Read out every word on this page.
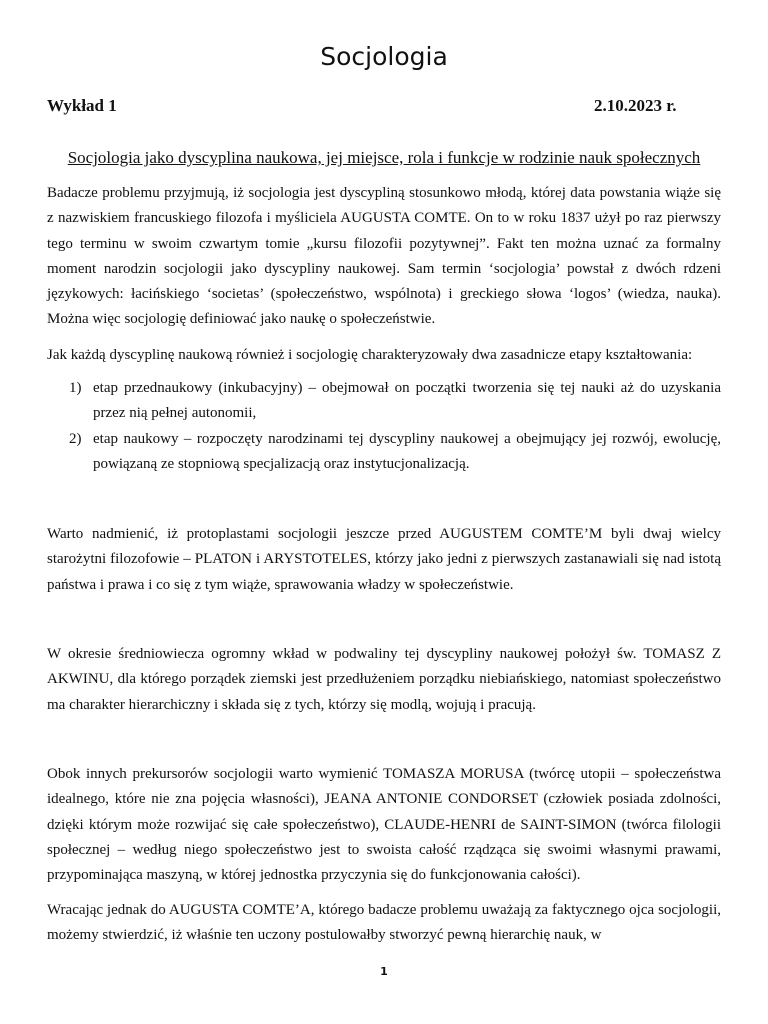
Socjologia
Wykład 1	2.10.2023 r.
Socjologia jako dyscyplina naukowa, jej miejsce, rola i funkcje w rodzinie nauk społecznych

Badacze problemu przyjmują, iż socjologia jest dyscypliną stosunkowo młodą, której data powstania wiąże się z nazwiskiem francuskiego filozofa i myśliciela AUGUSTA COMTE. On to w roku 1837 użył po raz pierwszy tego terminu w swoim czwartym tomie „kursu filozofii pozytywnej”. Fakt ten można uznać za formalny moment narodzin socjologii jako dyscypliny naukowej. Sam termin ‘socjologia’ powstał z dwóch rdzeni językowych: łacińskiego ‘societas’ (społeczeństwo, wspólnota) i greckiego słowa ‘logos’ (wiedza, nauka). Można więc socjologię definiować jako naukę o społeczeństwie.

Jak każdą dyscyplinę naukową również i socjologię charakteryzowały dwa zasadnicze etapy kształtowania:

1) etap przednaukowy (inkubacyjny) – obejmował on początki tworzenia się tej nauki aż do uzyskania przez nią pełnej autonomii,
2) etap naukowy – rozpoczęty narodzinami tej dyscypliny naukowej a obejmujący jej rozwój, ewolucję, powiązaną ze stopniową specjalizacją oraz instytucjonalizacją.

Warto nadmienić, iż protoplastami socjologii jeszcze przed AUGUSTEM COMTE’M byli dwaj wielcy starożytni filozofowie – PLATON i ARYSTOTELES, którzy jako jedni z pierwszych zastanawiali się nad istotą państwa i prawa i co się z tym wiąże, sprawowania władzy w społeczeństwie.

W okresie średniowiecza ogromny wkład w podwaliny tej dyscypliny naukowej położył św. TOMASZ Z AKWINU, dla którego porządek ziemski jest przedłużeniem porządku niebiańskiego, natomiast społeczeństwo ma charakter hierarchiczny i składa się z tych, którzy się modlą, wojują i pracują.

Obok innych prekursorów socjologii warto wymienić TOMASZA MORUSA (twórcę utopii – społeczeństwa idealnego, które nie zna pojęcia własności), JEANA ANTONIE CONDORSET (człowiek posiada zdolności, dzięki którym może rozwijać się całe społeczeństwo), CLAUDE-HENRI de SAINT-SIMON (twórca filologii społecznej – według niego społeczeństwo jest to swoista całość rządząca się swoimi własnymi prawami, przypominająca maszyną, w której jednostka przyczynia się do funkcjonowania całości).

Wracając jednak do AUGUSTA COMTE’A, którego badacze problemu uważają za faktycznego ojca socjologii, możemy stwierdzić, iż właśnie ten uczony postulowałby stworzyć pewną hierarchię nauk, w

1
